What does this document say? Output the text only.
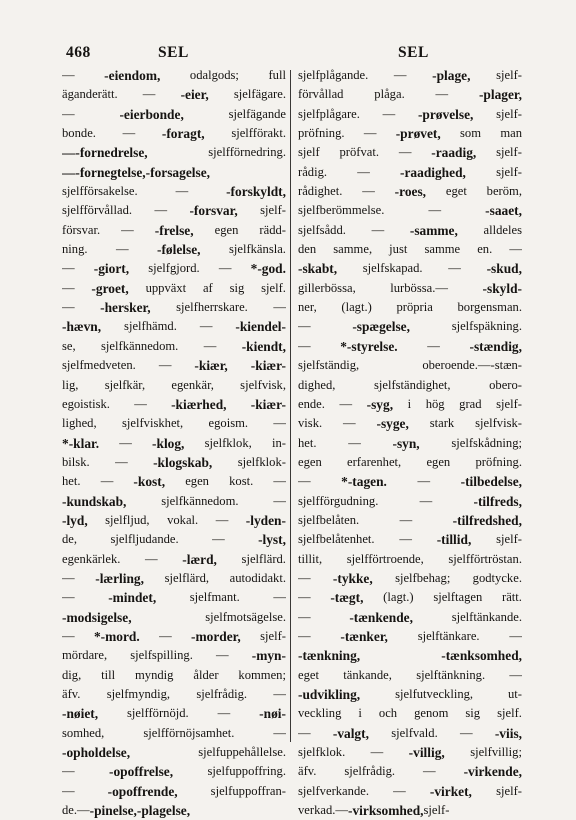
468	SEL	SEL
— -eiendom, odalgods; full
äganderätt. — -eier, sjelfägare.
—	-eierbonde,	sjelfägande
bonde. — -foragt, sjelfförakt.
—-fornedrelse,	sjelfförnedring.
—-fornegtelse,-forsagelse,
sjelfförsakelse.	—	-forskyldt,
sjelfförvållad. — -forsvar, sjelf-
försvar. — -frelse, egen rädd-
ning. — -følelse, sjelfkänsla.
— -giort, sjelfgjord. — *-god.
— -groet, uppväxt af sig sjelf.
— -hersker, sjelfherrskare. —
-hævn, sjelfhämd. — -kiendel-
se, sjelfkännedom. — -kiendt,
sjelfmedveten. — -kiær, -kiær-
lig, sjelfkär, egenkär, sjelfvisk,
egoistisk. — -kiærhed, -kiær-
lighed, sjelfviskhet, egoism. —
*-klar. — -klog, sjelfklok, in-
bilsk. — -klogskab, sjelfklok-
het. — -kost, egen kost. —
-kundskab,	sjelfkännedom.	—
-lyd, sjelfljud, vokal. — -lyden-
de,	sjelfljudande.	— -lyst,
egenkärlek. — -lærd, sjelflärd.
— -lærling, sjelflärd, autodidakt.
—	-mindet,	sjelfmant.	—
-modsigelse,	sjelfmotsägelse.
— *-mord. — -morder, sjelf-
mördare, sjelfspilling. — -myn-
dig, till myndig ålder kommen;
äfv. sjelfmyndig, sjelfrådig. —
-nøiet, sjelfförnöjd. — -nøi-
somhed,	sjelfförnöjsamhet.	—
-opholdelse,	sjelfuppehållelse.
—	-opoffrelse,	sjelfuppoffring.
— -opoffrende,	sjelfuppoffran-
de. — -pinelse, -plagelse,
sjelfplågande. — -plage, sjelf-
förvållad plåga. — -plager,
sjelfplågare. — -prøvelse, sjelf-
pröfning. — -prøvet, som man
sjelf pröfvat. — -raadig, sjelf-
rådig. — -raadighed, sjelf-
rådighet. — -roes, eget beröm,
sjelfberömmelse.	—	-saaet,
sjelfsådd. — -samme, alldeles
den samme, just samme en. —
-skabt, sjelfskapad. — -skud,
gillerbössa,	lurbössa.—	-skyld-
ner, (lagt.) pröpria borgensman.
—	-spægelse,	sjelfspäkning.
— *-styrelse. — -stændig,
sjelfständig,	oberoende.—-stæn-
dighed,	sjelfständighet,	obero-
ende. — -syg, i hög grad sjelf-
visk. — -syge, stark sjelfvisk-
het.	— -syn,	sjelfskådning;
egen erfarenhet, egen pröfning.
— *-tagen. — -tilbedelse,
sjelfförgudning.	—	-tilfreds,
sjelfbelåten.	—	-tilfredshed,
sjelfbelåtenhet. — -tillid, sjelf-
tillit, sjelfförtroende, sjelfförtröstan.
— -tykke, sjelfbehag; godtycke.
— -tægt, (lagt.) sjelftagen rätt.
—	-tænkende,	sjelftänkande.
— -tænker, sjelftänkare. —
-tænkning,	-tænksomhed,
eget tänkande, sjelftänkning. —
-udvikling,	sjelfutveckling,	ut-
veckling i och genom sig sjelf.
— -valgt, sjelfvald. — -viis,
sjelfklok. — -villig, sjelfvillig;
äfv. sjelfrådig. — -virkende,
sjelfverkande. — -virket, sjelf-
verkad. — -virksomhed, sjelf-
